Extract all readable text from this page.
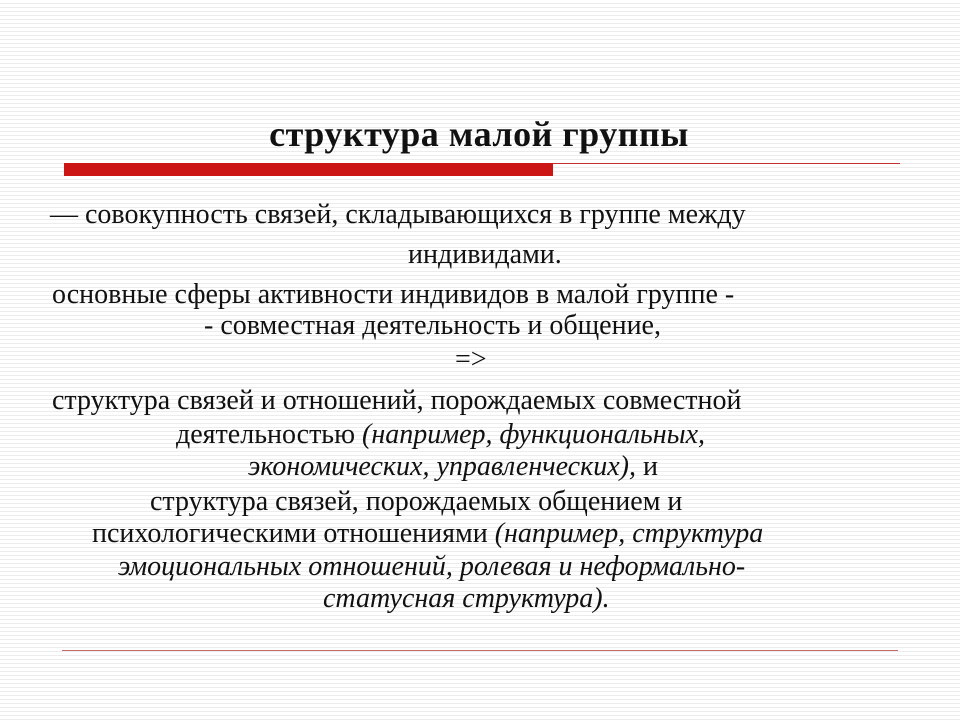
структура малой группы
— совокупность связей, складывающихся в группе между
индивидами.
основные сферы активности индивидов в малой группе -
- совместная деятельность и общение,
=>
структура связей и отношений, порождаемых совместной
деятельностью (например, функциональных,
экономических, управленческих), и
структура связей, порождаемых общением и
психологическими отношениями (например, структура
эмоциональных отношений, ролевая и неформально-
статусная структура).
